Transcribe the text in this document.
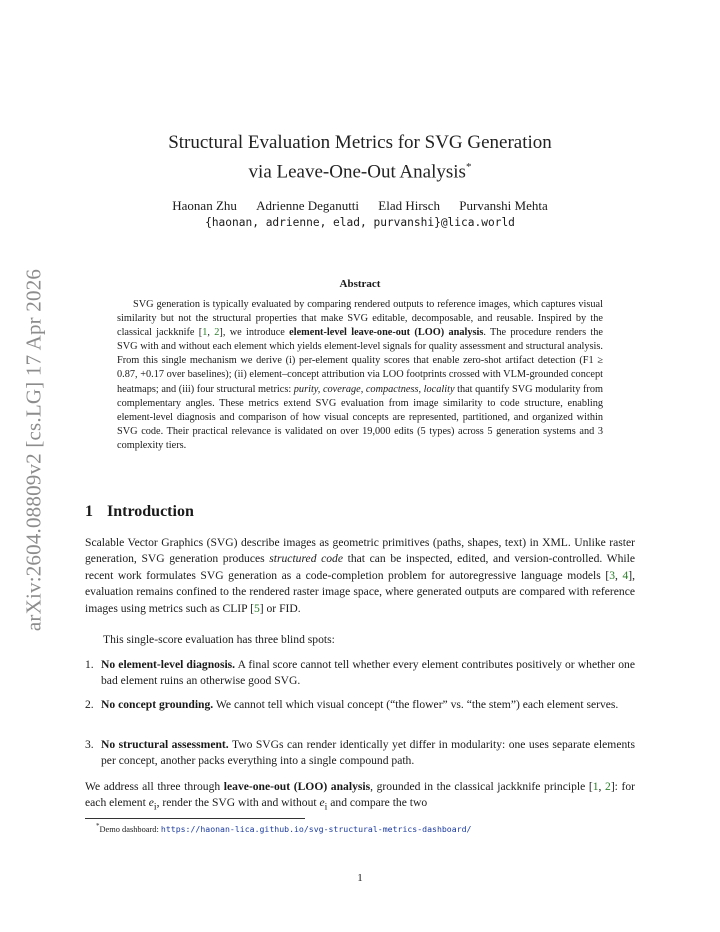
arXiv:2604.08809v2 [cs.LG] 17 Apr 2026
Structural Evaluation Metrics for SVG Generation
via Leave-One-Out Analysis*
Haonan Zhu Adrienne Deganutti Elad Hirsch Purvanshi Mehta
{haonan, adrienne, elad, purvanshi}@lica.world
Abstract
SVG generation is typically evaluated by comparing rendered outputs to reference images, which captures visual similarity but not the structural properties that make SVG editable, decomposable, and reusable. Inspired by the classical jackknife [1, 2], we introduce element-level leave-one-out (LOO) analysis. The procedure renders the SVG with and without each element which yields element-level signals for quality assessment and structural analysis. From this single mechanism we derive (i) per-element quality scores that enable zero-shot artifact detection (F1 ≥ 0.87, +0.17 over baselines); (ii) element–concept attribution via LOO footprints crossed with VLM-grounded concept heatmaps; and (iii) four structural metrics: purity, coverage, compactness, locality that quantify SVG modularity from complementary angles. These metrics extend SVG evaluation from image similarity to code structure, enabling element-level diagnosis and comparison of how visual concepts are represented, partitioned, and organized within SVG code. Their practical relevance is validated on over 19,000 edits (5 types) across 5 generation systems and 3 complexity tiers.
1 Introduction
Scalable Vector Graphics (SVG) describe images as geometric primitives (paths, shapes, text) in XML. Unlike raster generation, SVG generation produces structured code that can be inspected, edited, and version-controlled. While recent work formulates SVG generation as a code-completion problem for autoregressive language models [3, 4], evaluation remains confined to the rendered raster image space, where generated outputs are compared with reference images using metrics such as CLIP [5] or FID.
This single-score evaluation has three blind spots:
1. No element-level diagnosis. A final score cannot tell whether every element contributes positively or whether one bad element ruins an otherwise good SVG.
2. No concept grounding. We cannot tell which visual concept (“the flower” vs. “the stem”) each element serves.
3. No structural assessment. Two SVGs can render identically yet differ in modularity: one uses separate elements per concept, another packs everything into a single compound path.
We address all three through leave-one-out (LOO) analysis, grounded in the classical jackknife principle [1, 2]: for each element $e_i$, render the SVG with and without $e_i$ and compare the two
*Demo dashboard: https://haonan-lica.github.io/svg-structural-metrics-dashboard/
1
